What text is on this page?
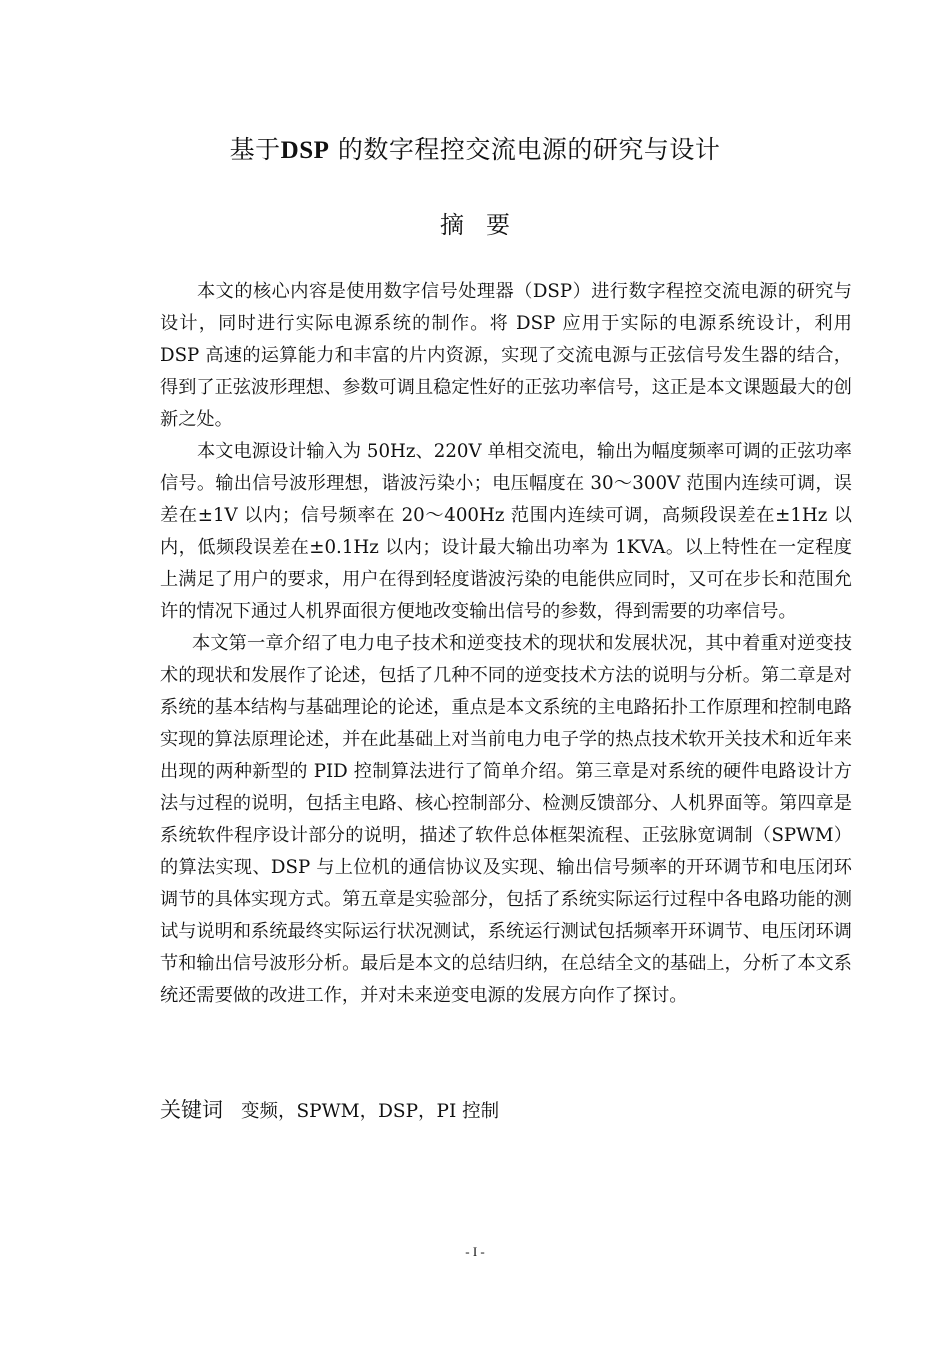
基于DSP 的数字程控交流电源的研究与设计
摘要

本文的核心内容是使用数字信号处理器（DSP）进行数字程控交流电源的研究与设计，同时进行实际电源系统的制作。将 DSP 应用于实际的电源系统设计，利用 DSP 高速的运算能力和丰富的片内资源，实现了交流电源与正弦信号发生器的结合，得到了正弦波形理想、参数可调且稳定性好的正弦功率信号，这正是本文课题最大的创新之处。

本文电源设计输入为 50Hz、220V 单相交流电，输出为幅度频率可调的正弦功率信号。输出信号波形理想，谐波污染小；电压幅度在 30～300V 范围内连续可调，误差在±1V 以内；信号频率在 20～400Hz 范围内连续可调，高频段误差在±1Hz 以内，低频段误差在±0.1Hz 以内；设计最大输出功率为 1KVA。以上特性在一定程度上满足了用户的要求，用户在得到轻度谐波污染的电能供应同时，又可在步长和范围允许的情况下通过人机界面很方便地改变输出信号的参数，得到需要的功率信号。

本文第一章介绍了电力电子技术和逆变技术的现状和发展状况，其中着重对逆变技术的现状和发展作了论述，包括了几种不同的逆变技术方法的说明与分析。第二章是对系统的基本结构与基础理论的论述，重点是本文系统的主电路拓扑工作原理和控制电路实现的算法原理论述，并在此基础上对当前电力电子学的热点技术软开关技术和近年来出现的两种新型的 PID 控制算法进行了简单介绍。第三章是对系统的硬件电路设计方法与过程的说明，包括主电路、核心控制部分、检测反馈部分、人机界面等。第四章是系统软件程序设计部分的说明，描述了软件总体框架流程、正弦脉宽调制（SPWM）的算法实现、DSP 与上位机的通信协议及实现、输出信号频率的开环调节和电压闭环调节的具体实现方式。第五章是实验部分，包括了系统实际运行过程中各电路功能的测试与说明和系统最终实际运行状况测试，系统运行测试包括频率开环调节、电压闭环调节和输出信号波形分析。最后是本文的总结归纳，在总结全文的基础上，分析了本文系统还需要做的改进工作，并对未来逆变电源的发展方向作了探讨。

关键词 变频，SPWM，DSP，PI 控制
- I -
